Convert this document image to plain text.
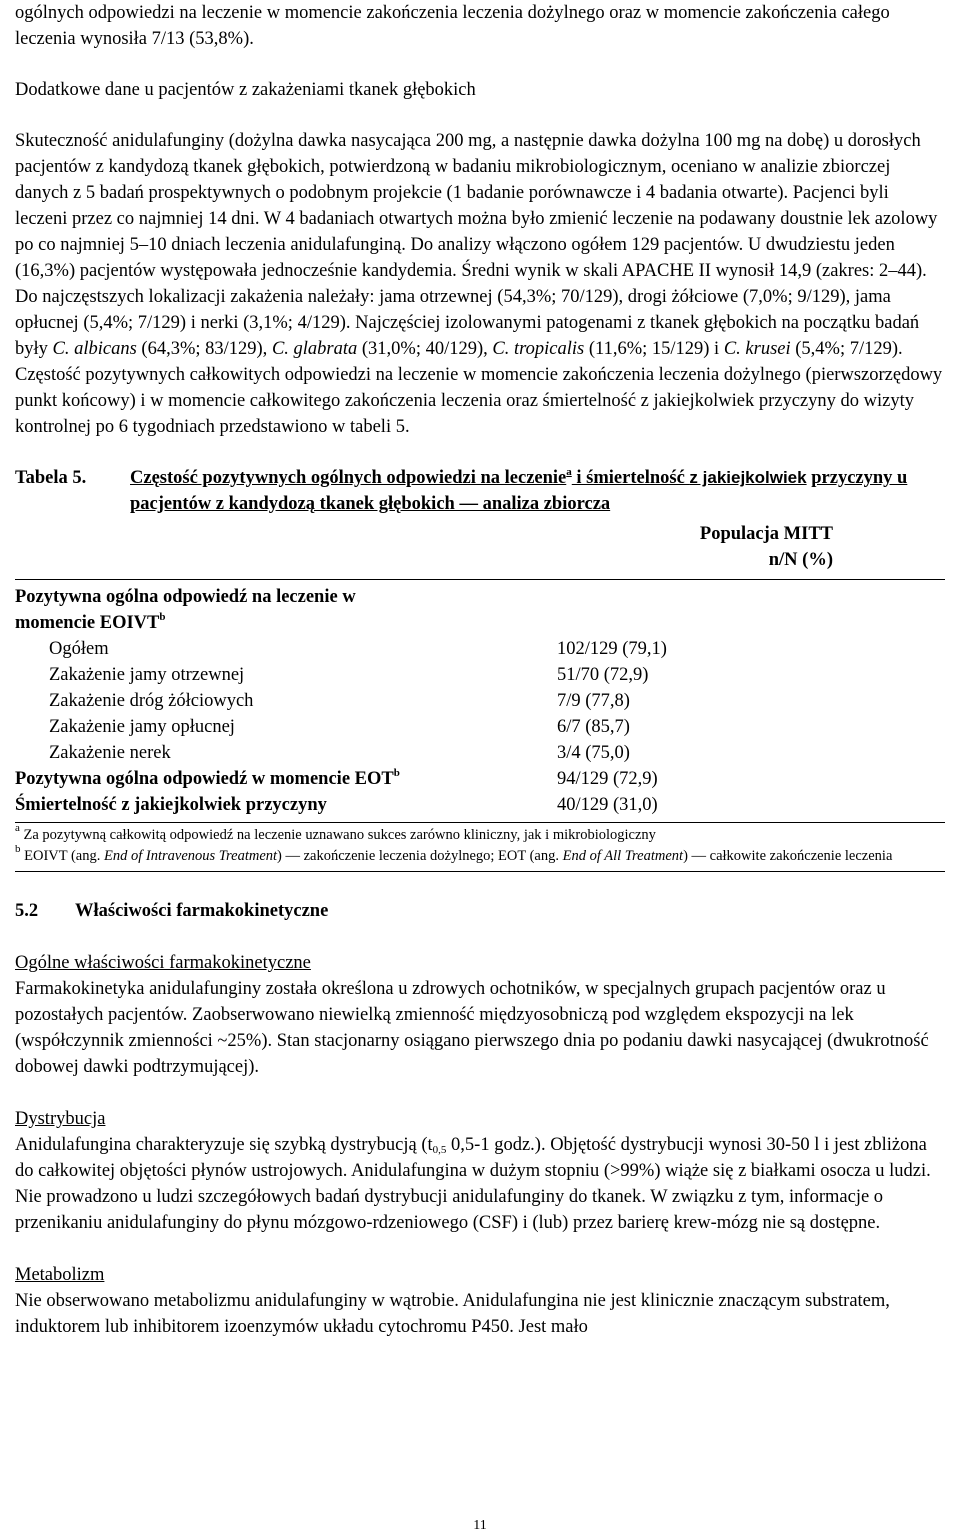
ogólnych odpowiedzi na leczenie w momencie zakończenia leczenia dożylnego oraz w momencie zakończenia całego leczenia wynosiła 7/13 (53,8%).

Dodatkowe dane u pacjentów z zakażeniami tkanek głębokich

Skuteczność anidulafunginy (dożylna dawka nasycająca 200 mg, a następnie dawka dożylna 100 mg na dobę) u dorosłych pacjentów z kandydozą tkanek głębokich, potwierdzoną w badaniu mikrobiologicznym, oceniano w analizie zbiorczej danych z 5 badań prospektywnych o podobnym projekcie (1 badanie porównawcze i 4 badania otwarte). Pacjenci byli leczeni przez co najmniej 14 dni. W 4 badaniach otwartych można było zmienić leczenie na podawany doustnie lek azolowy po co najmniej 5–10 dniach leczenia anidulafunginą. Do analizy włączono ogółem 129 pacjentów. U dwudziestu jeden (16,3%) pacjentów występowała jednocześnie kandydemia. Średni wynik w skali APACHE II wynosił 14,9 (zakres: 2–44). Do najczęstszych lokalizacji zakażenia należały: jama otrzewnej (54,3%; 70/129), drogi żółciowe (7,0%; 9/129), jama opłucnej (5,4%; 7/129) i nerki (3,1%; 4/129). Najczęściej izolowanymi patogenami z tkanek głębokich na początku badań były C. albicans (64,3%; 83/129), C. glabrata (31,0%; 40/129), C. tropicalis (11,6%; 15/129) i C. krusei (5,4%; 7/129). Częstość pozytywnych całkowitych odpowiedzi na leczenie w momencie zakończenia leczenia dożylnego (pierwszorzędowy punkt końcowy) i w momencie całkowitego zakończenia leczenia oraz śmiertelność z jakiejkolwiek przyczyny do wizyty kontrolnej po 6 tygodniach przedstawiono w tabeli 5.

Tabela 5.	Częstość pozytywnych ogólnych odpowiedzi na leczenie$^a$ i śmiertelność z jakiejkolwiek przyczyny u pacjentów z kandydozą tkanek głębokich — analiza zbiorcza
Populacja MITT
n/N (%)
Pozytywna ogólna odpowiedź na leczenie w
momencie EOIVT$^b$
Ogółem	102/129 (79,1)
Zakażenie jamy otrzewnej	51/70 (72,9)
Zakażenie dróg żółciowych	7/9 (77,8)
Zakażenie jamy opłucnej	6/7 (85,7)
Zakażenie nerek	3/4 (75,0)
Pozytywna ogólna odpowiedź w momencie EOT$^b$	94/129 (72,9)
Śmiertelność z jakiejkolwiek przyczyny	40/129 (31,0)
$^a$ Za pozytywną całkowitą odpowiedź na leczenie uznawano sukces zarówno kliniczny, jak i mikrobiologiczny
$^b$ EOIVT (ang. End of Intravenous Treatment) — zakończenie leczenia dożylnego; EOT (ang. End of All Treatment) — całkowite zakończenie leczenia
5.2	Właściwości farmakokinetyczne

Ogólne właściwości farmakokinetyczne

Farmakokinetyka anidulafunginy została określona u zdrowych ochotników, w specjalnych grupach pacjentów oraz u pozostałych pacjentów. Zaobserwowano niewielką zmienność międzyosobniczą pod względem ekspozycji na lek (współczynnik zmienności ~25%). Stan stacjonarny osiągano pierwszego dnia po podaniu dawki nasycającej (dwukrotność dobowej dawki podtrzymującej).

Dystrybucja

Anidulafungina charakteryzuje się szybką dystrybucją ($t_{0,5}$ 0,5-1 godz.). Objętość dystrybucji wynosi 30-50 l i jest zbliżona do całkowitej objętości płynów ustrojowych. Anidulafungina w dużym stopniu (>99%) wiąże się z białkami osocza u ludzi. Nie prowadzono u ludzi szczegółowych badań dystrybucji anidulafunginy do tkanek. W związku z tym, informacje o przenikaniu anidulafunginy do płynu mózgowo-rdzeniowego (CSF) i (lub) przez barierę krew-mózg nie są dostępne.

Metabolizm

Nie obserwowano metabolizmu anidulafunginy w wątrobie. Anidulafungina nie jest klinicznie znaczącym substratem, induktorem lub inhibitorem izoenzymów układu cytochromu P450. Jest mało

11
